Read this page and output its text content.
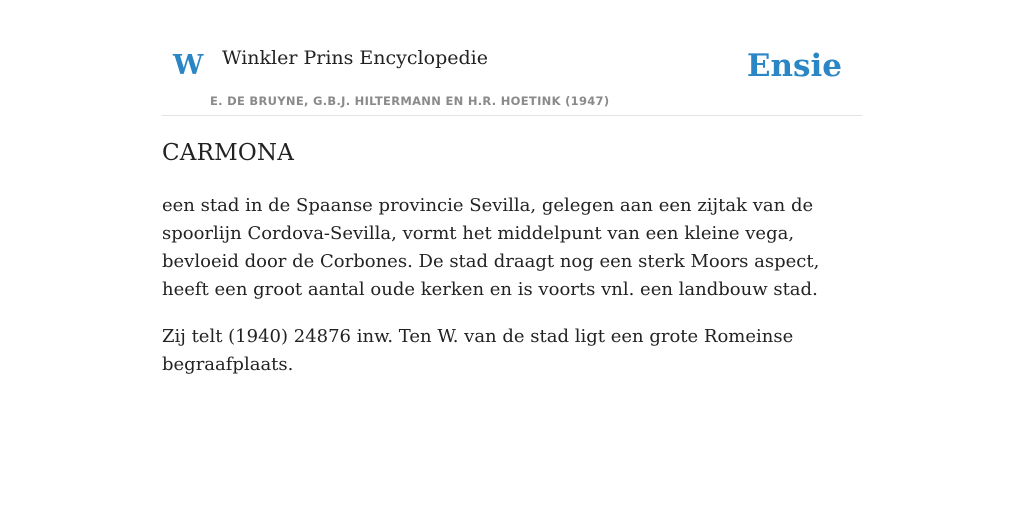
W Winkler Prins Encyclopedie
E. DE BRUYNE, G.B.J. HILTERMANN EN H.R. HOETINK (1947)
Ensie
CARMONA

een stad in de Spaanse provincie Sevilla, gelegen aan een zijtak van de spoorlijn Cordova-Sevilla, vormt het middelpunt van een kleine vega, bevloeid door de Corbones. De stad draagt nog een sterk Moors aspect, heeft een groot aantal oude kerken en is voorts vnl. een landbouw stad.

Zij telt (1940) 24876 inw. Ten W. van de stad ligt een grote Romeinse begraafplaats.
